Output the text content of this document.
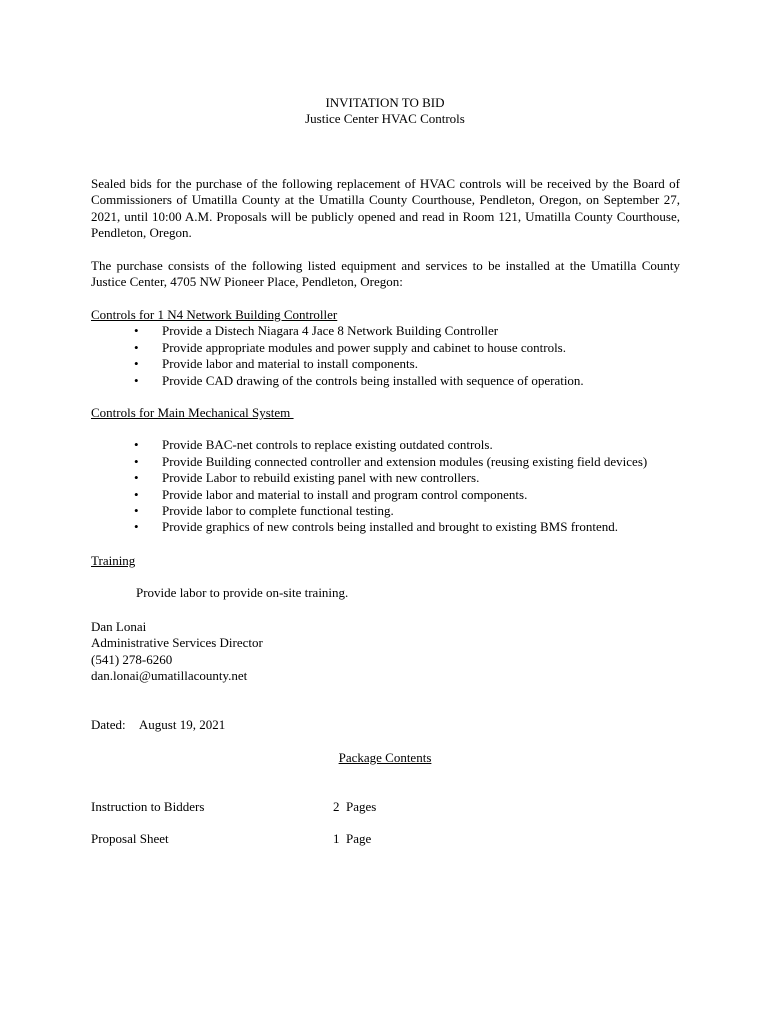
INVITATION TO BID

Justice Center HVAC Controls

Sealed bids for the purchase of the following replacement of HVAC controls will be received by the Board of Commissioners of Umatilla County at the Umatilla County Courthouse, Pendleton, Oregon, on September 27, 2021, until 10:00 A.M. Proposals will be publicly opened and read in Room 121, Umatilla County Courthouse, Pendleton, Oregon.

The purchase consists of the following listed equipment and services to be installed at the Umatilla County Justice Center, 4705 NW Pioneer Place, Pendleton, Oregon:

Controls for 1 N4 Network Building Controller

• Provide a Distech Niagara 4 Jace 8 Network Building Controller
• Provide appropriate modules and power supply and cabinet to house controls.
• Provide labor and material to install components.
• Provide CAD drawing of the controls being installed with sequence of operation.

Controls for Main Mechanical System

• Provide BAC-net controls to replace existing outdated controls.
• Provide Building connected controller and extension modules (reusing existing field devices)
• Provide Labor to rebuild existing panel with new controllers.
• Provide labor and material to install and program control components.
• Provide labor to complete functional testing.
• Provide graphics of new controls being installed and brought to existing BMS frontend.

Training

Provide labor to provide on-site training.

Dan Lonai

Administrative Services Director

(541) 278-6260

dan.lonai@umatillacounty.net

Dated: August 19, 2021
Package Contents
Instruction to Bidders	2  Pages
Proposal Sheet	1  Page
